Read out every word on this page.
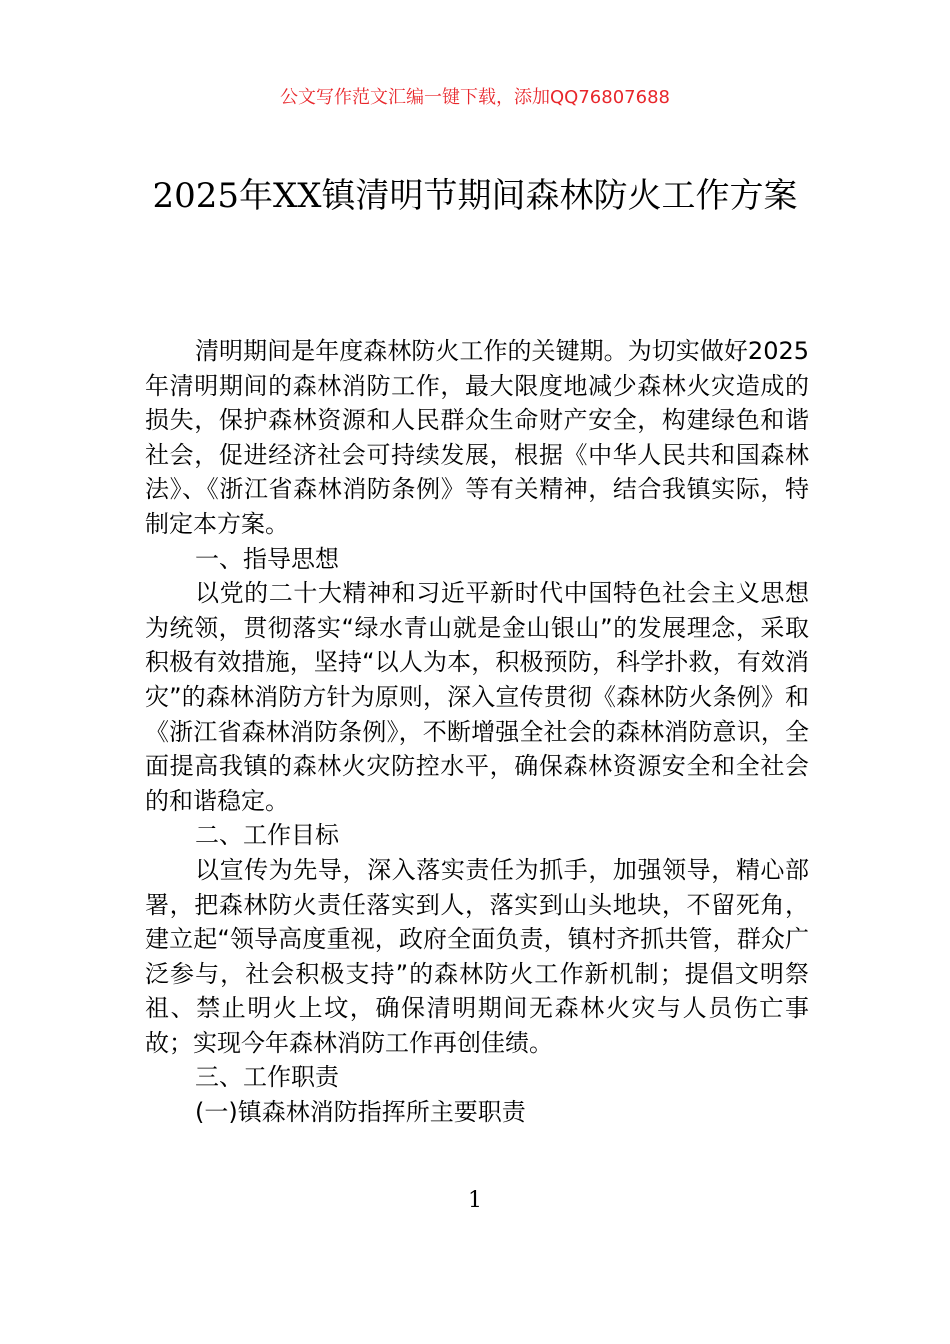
公文写作范文汇编一键下载，添加QQ76807688
2025年XX镇清明节期间森林防火工作方案

清明期间是年度森林防火工作的关键期。为切实做好2025年清明期间的森林消防工作，最大限度地减少森林火灾造成的损失，保护森林资源和人民群众生命财产安全，构建绿色和谐社会，促进经济社会可持续发展，根据《中华人民共和国森林法》、《浙江省森林消防条例》等有关精神，结合我镇实际，特制定本方案。

一、指导思想

以党的二十大精神和习近平新时代中国特色社会主义思想为统领，贯彻落实“绿水青山就是金山银山”的发展理念，采取积极有效措施，坚持“以人为本，积极预防，科学扑救，有效消灾”的森林消防方针为原则，深入宣传贯彻《森林防火条例》和《浙江省森林消防条例》，不断增强全社会的森林消防意识，全面提高我镇的森林火灾防控水平，确保森林资源安全和全社会的和谐稳定。

二、工作目标

以宣传为先导，深入落实责任为抓手，加强领导，精心部署，把森林防火责任落实到人，落实到山头地块，不留死角，建立起“领导高度重视，政府全面负责，镇村齐抓共管，群众广泛参与，社会积极支持”的森林防火工作新机制；提倡文明祭祖、禁止明火上坟，确保清明期间无森林火灾与人员伤亡事故；实现今年森林消防工作再创佳绩。

三、工作职责

(一)镇森林消防指挥所主要职责

1
